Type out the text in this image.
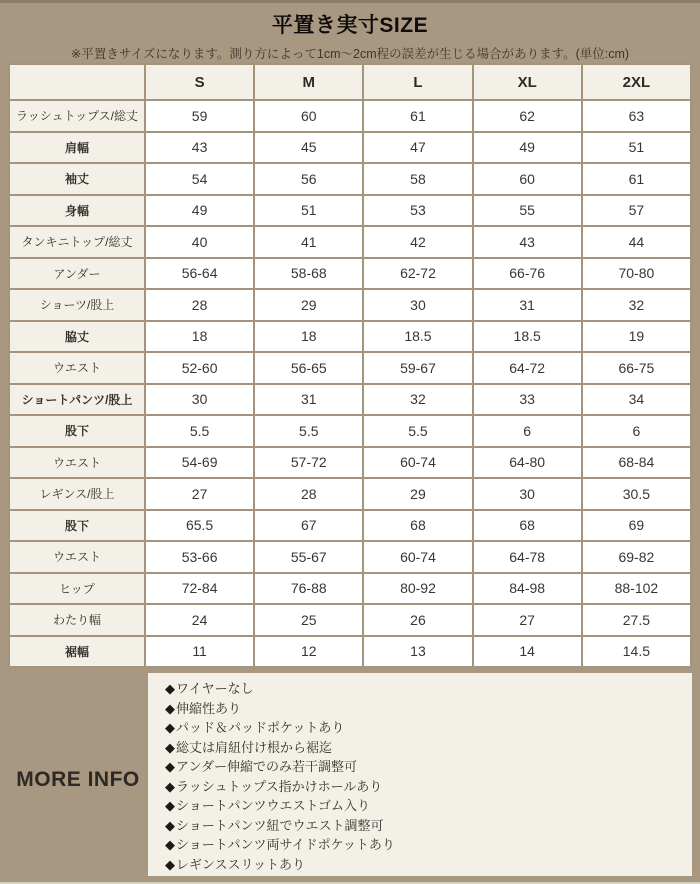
平置き実寸SIZE

※平置きサイズになります。測り方によって1cm～2cm程の誤差が生じる場合があります。(単位:cm)

	S	M	L	XL	2XL
ラッシュトップス/総丈	59	60	61	62	63
肩幅	43	45	47	49	51
袖丈	54	56	58	60	61
身幅	49	51	53	55	57
タンキニトップ/総丈	40	41	42	43	44
アンダー	56-64	58-68	62-72	66-76	70-80
ショーツ/股上	28	29	30	31	32
脇丈	18	18	18.5	18.5	19
ウエスト	52-60	56-65	59-67	64-72	66-75
ショートパンツ/股上	30	31	32	33	34
股下	5.5	5.5	5.5	6	6
ウエスト	54-69	57-72	60-74	64-80	68-84
レギンス/股上	27	28	29	30	30.5
股下	65.5	67	68	68	69
ウエスト	53-66	55-67	60-74	64-78	69-82
ヒップ	72-84	76-88	80-92	84-98	88-102
わたり幅	24	25	26	27	27.5
裾幅	11	12	13	14	14.5
MORE INFO
◆ワイヤーなし
◆伸縮性あり
◆パッド＆パッドポケットあり
◆総丈は肩紐付け根から裾迄
◆アンダー伸縮でのみ若干調整可
◆ラッシュトップス指かけホールあり
◆ショートパンツウエストゴム入り
◆ショートパンツ紐でウエスト調整可
◆ショートパンツ両サイドポケットあり
◆レギンススリットあり
